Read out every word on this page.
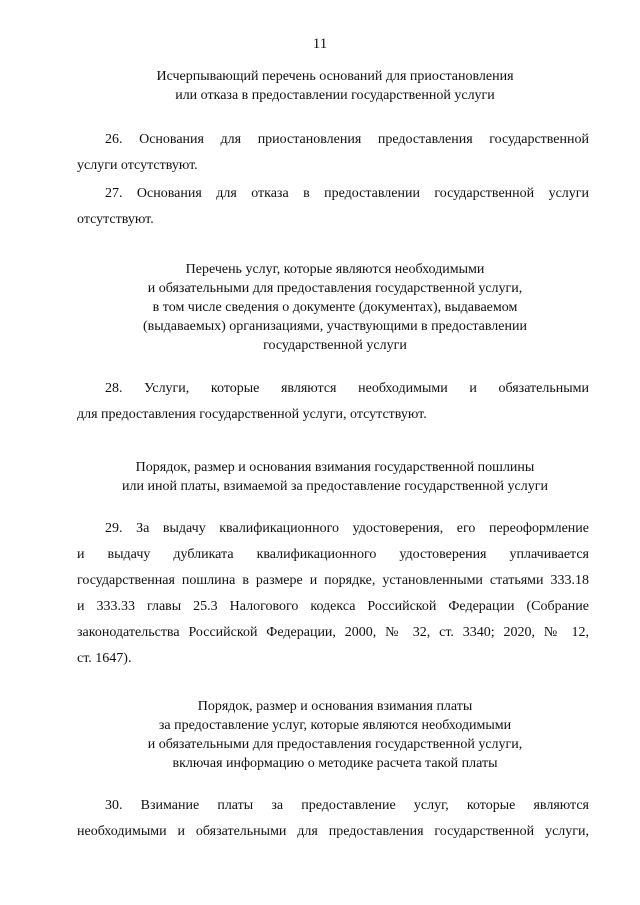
11
Исчерпывающий перечень оснований для приостановления
или отказа в предоставлении государственной услуги
26. Основания для приостановления предоставления государственной
услуги отсутствуют.
27. Основания для отказа в предоставлении государственной услуги
отсутствуют.
Перечень услуг, которые являются необходимыми
и обязательными для предоставления государственной услуги,
в том числе сведения о документе (документах), выдаваемом
(выдаваемых) организациями, участвующими в предоставлении
государственной услуги
28. Услуги, которые являются необходимыми и обязательными
для предоставления государственной услуги, отсутствуют.
Порядок, размер и основания взимания государственной пошлины
или иной платы, взимаемой за предоставление государственной услуги
29. За выдачу квалификационного удостоверения, его переоформление
и выдачу дубликата квалификационного удостоверения уплачивается
государственная пошлина в размере и порядке, установленными статьями 333.18
и 333.33 главы 25.3 Налогового кодекса Российской Федерации (Собрание
законодательства Российской Федерации, 2000, № 32, ст. 3340; 2020, № 12,
ст. 1647).
Порядок, размер и основания взимания платы
за предоставление услуг, которые являются необходимыми
и обязательными для предоставления государственной услуги,
включая информацию о методике расчета такой платы
30. Взимание платы за предоставление услуг, которые являются
необходимыми и обязательными для предоставления государственной услуги,
